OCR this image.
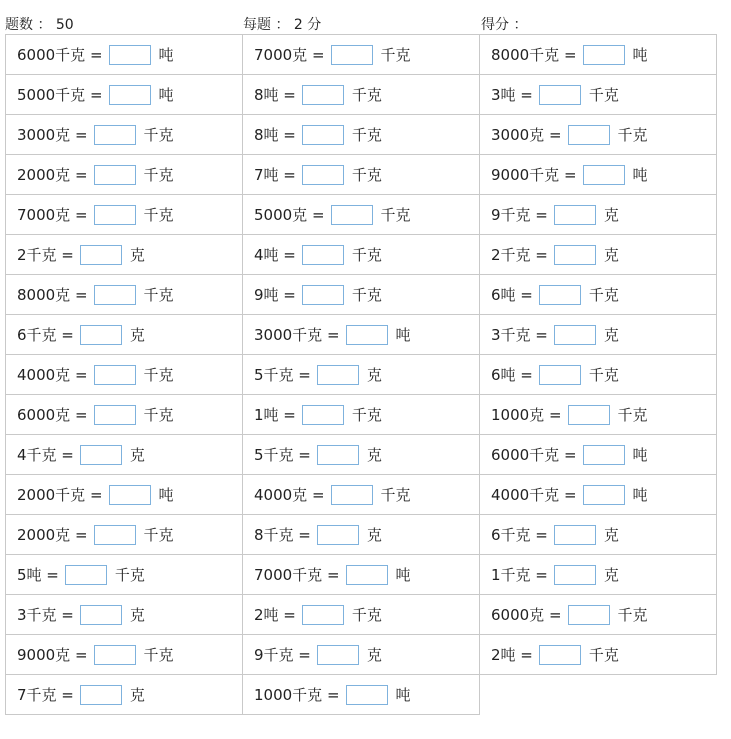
题数 ： 50	每题 ： 2 分	得分 ：
6000千克 = 吨	7000克 = 千克	8000千克 = 吨

5000千克 = 吨	8吨 = 千克	3吨 = 千克

3000克 = 千克	8吨 = 千克	3000克 = 千克

2000克 = 千克	7吨 = 千克	9000千克 = 吨

7000克 = 千克	5000克 = 千克	9千克 = 克

2千克 = 克	4吨 = 千克	2千克 = 克

8000克 = 千克	9吨 = 千克	6吨 = 千克

6千克 = 克	3000千克 = 吨	3千克 = 克

4000克 = 千克	5千克 = 克	6吨 = 千克

6000克 = 千克	1吨 = 千克	1000克 = 千克

4千克 = 克	5千克 = 克	6000千克 = 吨

2000千克 = 吨	4000克 = 千克	4000千克 = 吨

2000克 = 千克	8千克 = 克	6千克 = 克

5吨 = 千克	7000千克 = 吨	1千克 = 克

3千克 = 克	2吨 = 千克	6000克 = 千克

9000克 = 千克	9千克 = 克	2吨 = 千克

7千克 = 克	1000千克 = 吨	
